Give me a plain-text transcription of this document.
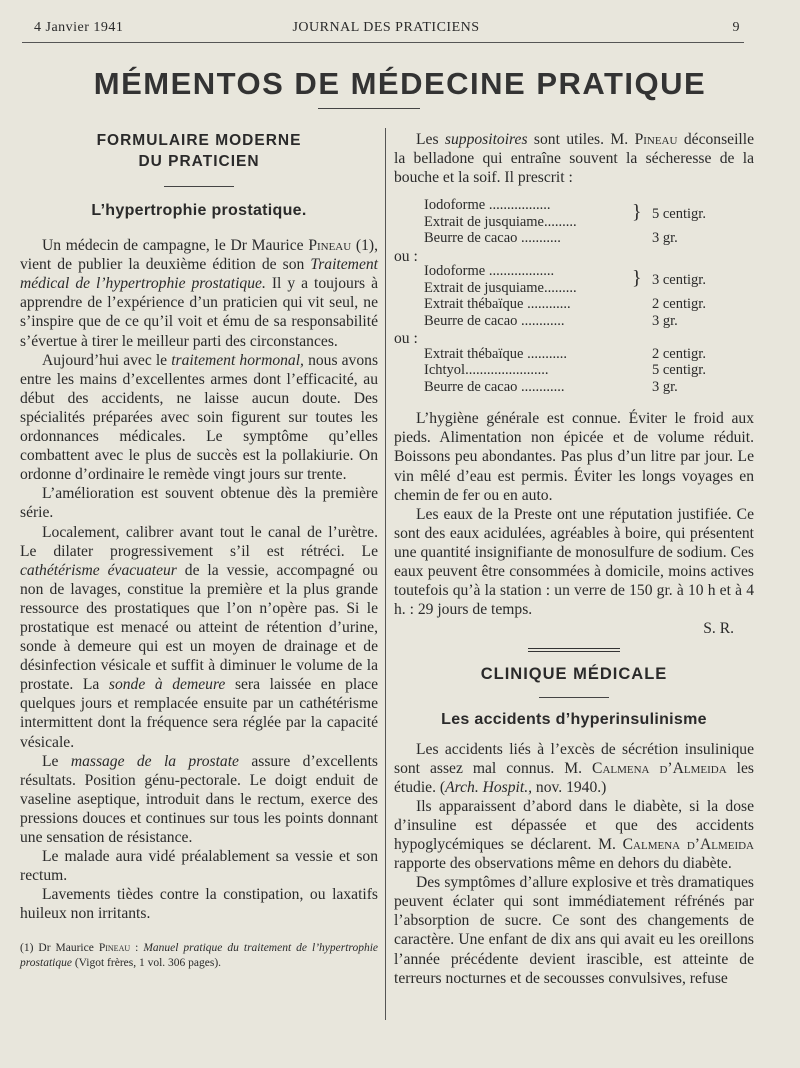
4 Janvier 1941	JOURNAL DES PRATICIENS	9
MÉMENTOS DE MÉDECINE PRATIQUE
FORMULAIRE MODERNE
DU PRATICIEN
L’hypertrophie prostatique.

Un médecin de campagne, le Dr Maurice Pineau (1), vient de publier la deuxième édition de son Traitement médical de l’hypertrophie prostatique. Il y a toujours à apprendre de l’expérience d’un praticien qui vit seul, ne s’inspire que de ce qu’il voit et ému de sa responsabilité s’évertue à tirer le meilleur parti des circonstances.

Aujourd’hui avec le traitement hormonal, nous avons entre les mains d’excellentes armes dont l’efficacité, au début des accidents, ne laisse aucun doute. Des spécialités préparées avec soin figurent sur toutes les ordonnances médicales. Le symptôme qu’elles combattent avec le plus de succès est la pollakiurie. On ordonne d’ordinaire le remède vingt jours sur trente.

L’amélioration est souvent obtenue dès la première série.

Localement, calibrer avant tout le canal de l’urètre. Le dilater progressivement s’il est rétréci. Le cathétérisme évacuateur de la vessie, accompagné ou non de lavages, constitue la première et la plus grande ressource des prostatiques que l’on n’opère pas. Si le prostatique est menacé ou atteint de rétention d’urine, sonde à demeure qui est un moyen de drainage et de désinfection vésicale et suffit à diminuer le volume de la prostate. La sonde à demeure sera laissée en place quelques jours et remplacée ensuite par un cathétérisme intermittent dont la fréquence sera réglée par la capacité vésicale.

Le massage de la prostate assure d’excellents résultats. Position génu-pectorale. Le doigt enduit de vaseline aseptique, introduit dans le rectum, exerce des pressions douces et continues sur tous les points donnant une sensation de résistance.

Le malade aura vidé préalablement sa vessie et son rectum.

Lavements tièdes contre la constipation, ou laxatifs huileux non irritants.

(1) Dr Maurice Pineau : Manuel pratique du traitement de l’hypertrophie prostatique (Vigot frères, 1 vol. 306 pages).

Les suppositoires sont utiles. M. Pineau déconseille la belladone qui entraîne souvent la sécheresse de la bouche et la soif. Il prescrit :

Iodoforme .................
Extrait de jusquiame.........	} 5 centigr.
Beurre de cacao ...........	3 gr.
ou :
Iodoforme ..................
Extrait de jusquiame.........	} 3 centigr.
Extrait thébaïque ............	2 centigr.
Beurre de cacao ............	3 gr.
ou :
Extrait thébaïque ...........	2 centigr.
Ichtyol.......................	5 centigr.
Beurre de cacao ............	3 gr.

L’hygiène générale est connue. Éviter le froid aux pieds. Alimentation non épicée et de volume réduit. Boissons peu abondantes. Pas plus d’un litre par jour. Le vin mêlé d’eau est permis. Éviter les longs voyages en chemin de fer ou en auto.

Les eaux de la Preste ont une réputation justifiée. Ce sont des eaux acidulées, agréables à boire, qui présentent une quantité insignifiante de monosulfure de sodium. Ces eaux peuvent être consommées à domicile, moins actives toutefois qu’à la station : un verre de 150 gr. à 10 h et à 4 h. : 29 jours de temps.

S. R.

CLINIQUE MÉDICALE
Les accidents d’hyperinsulinisme

Les accidents liés à l’excès de sécrétion insulinique sont assez mal connus. M. Calmena d’Almeida les étudie. (Arch. Hospit., nov. 1940.)

Ils apparaissent d’abord dans le diabète, si la dose d’insuline est dépassée et que des accidents hypoglycémiques se déclarent. M. Calmena d’Almeida rapporte des observations même en dehors du diabète.

Des symptômes d’allure explosive et très dramatiques peuvent éclater qui sont immédiatement réfrénés par l’absorption de sucre. Ce sont des changements de caractère. Une enfant de dix ans qui avait eu les oreillons l’année précédente devient irascible, est atteinte de terreurs nocturnes et de secousses convulsives, refuse
